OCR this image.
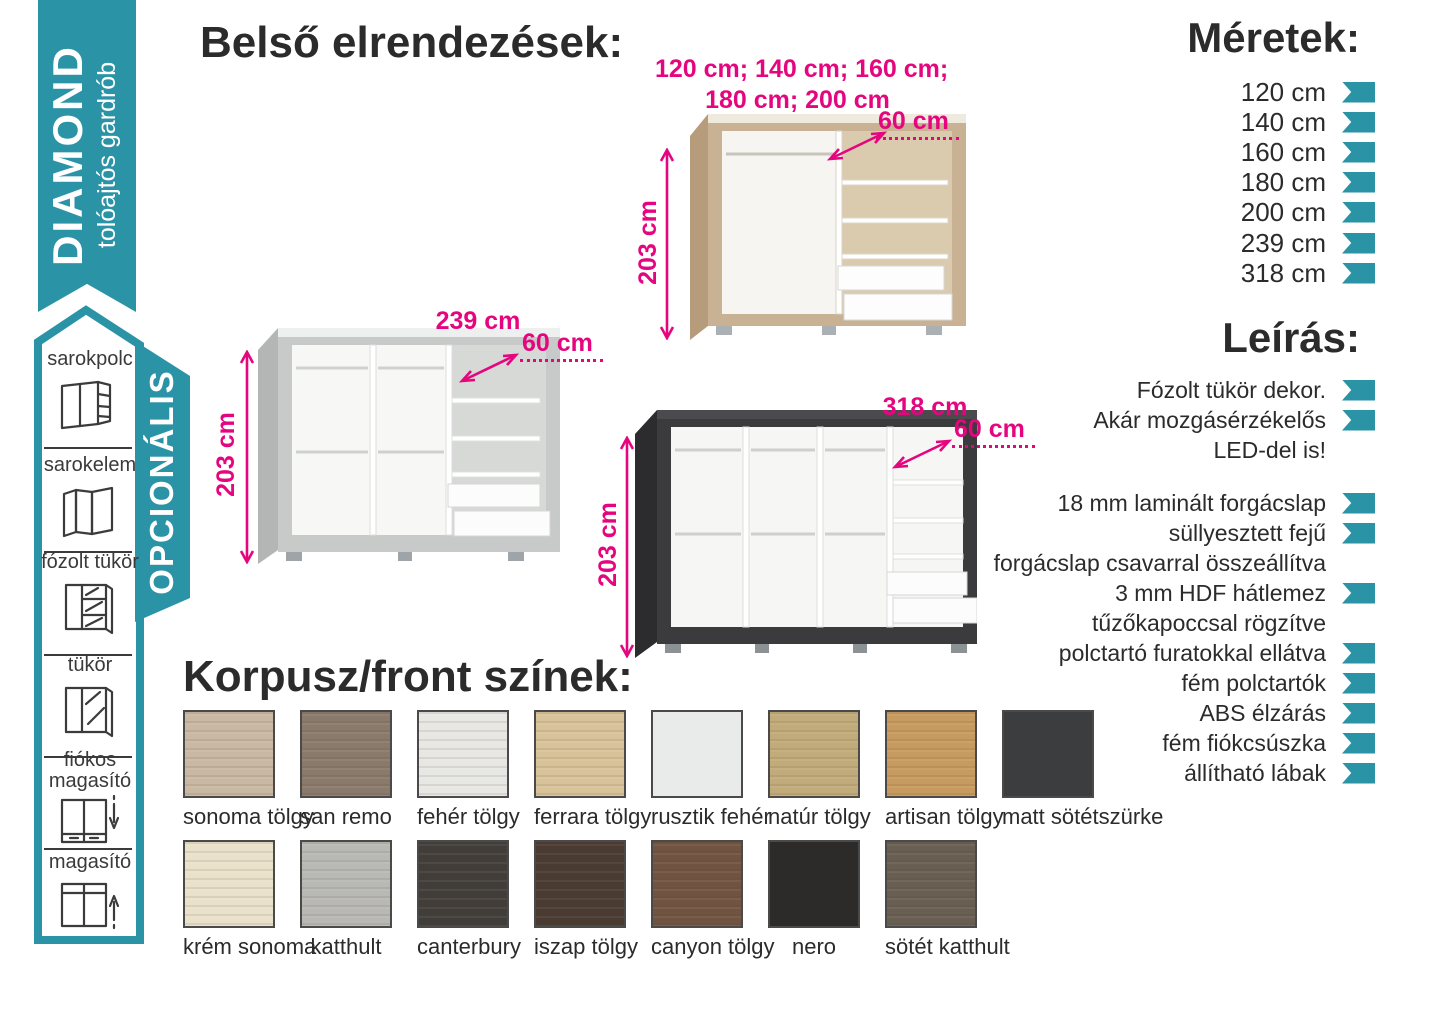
DIAMOND tolóajtós gardrób
OPCIONÁLIS
sarokpolc
sarokelem
fózolt tükör
tükör
fiókos
magasító
magasító
Belső elrendezések:
Korpusz/front színek:
Méretek:
Leírás:
120 cm; 140 cm; 160 cm;
180 cm; 200 cm
60 cm
203 cm
239 cm
60 cm
203 cm
318 cm
60 cm
203 cm
120 cm
140 cm
160 cm
180 cm
200 cm
239 cm
318 cm
Fózolt tükör dekor.
Akár mozgásérzékelős
LED-del is!
18 mm laminált forgácslap
süllyesztett fejű
forgácslap csavarral összeállítva
3 mm HDF hátlemez
tűzőkapoccsal rögzítve
polctartó furatokkal ellátva
fém polctartók
ABS élzárás
fém fiókcsúszka
állítható lábak
sonoma tölgy
san remo fehér tölgy ferrara tölgy rusztik fehér
natúr tölgy artisan tölgy
matt sötétszürke
krém sonoma
katthult	canterbury iszap tölgy canyon tölgy nero	sötét katthult
